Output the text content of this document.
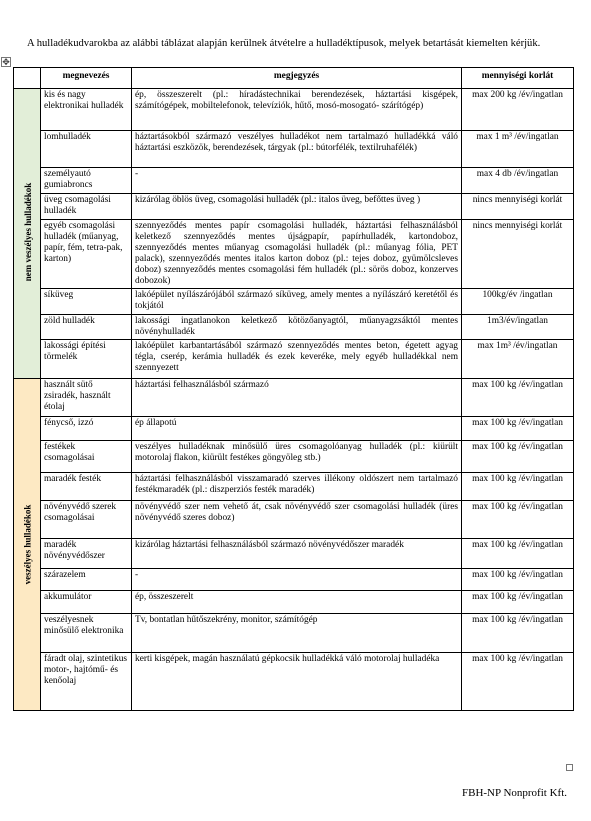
A hulladékudvarokba az alábbi táblázat alapján kerülnek átvételre a hulladéktípusok, melyek betartását kiemelten kérjük.
✥
	megnevezés	megjegyzés	mennyiségi korlát

nem veszélyes hulladékok	kis és nagy elektronikai hulladék	ép, összeszerelt (pl.: híradástechnikai berendezések, háztartási kisgépek, számítógépek, mobiltelefonok, televíziók, hűtő, mosó-mosogató- szárítógép)	max 200 kg /év/ingatlan
	lomhulladék	háztartásokból származó veszélyes hulladékot nem tartalmazó hulladékká váló háztartási eszközök, berendezések, tárgyak (pl.: bútorfélék, textilruhafélék)	max 1 m³ /év/ingatlan
	személyautó gumiabroncs	-	max 4 db /év/ingatlan
	üveg csomagolási hulladék	kizárólag öblös üveg, csomagolási hulladék (pl.: italos üveg, befőttes üveg )	nincs mennyiségi korlát
	egyéb csomagolási hulladék (műanyag, papír, fém, tetra-pak, karton)	szennyeződés mentes papír csomagolási hulladék, háztartási felhasználásból keletkező szennyeződés mentes újságpapír, papírhulladék, kartondoboz, szennyeződés mentes műanyag csomagolási hulladék (pl.: műanyag fólia, PET palack), szennyeződés mentes italos karton doboz (pl.: tejes doboz, gyümölcsleves doboz) szennyeződés mentes csomagolási fém hulladék (pl.: sörös doboz, konzerves dobozok)	nincs mennyiségi korlát
	síküveg	lakóépület nyílászárójából származó síküveg, amely mentes a nyílászáró keretétől és tokjától	100kg/év /ingatlan
	zöld hulladék	lakossági ingatlanokon keletkező kötözőanyagtól, műanyagzsáktól mentes növényhulladék	1m3/év/ingatlan
	lakossági építési törmelék	lakóépület karbantartásából származó szennyeződés mentes beton, égetett agyag tégla, cserép, kerámia hulladék és ezek keveréke, mely egyéb hulladékkal nem szennyezett	max 1m³ /év/ingatlan

veszélyes hulladékok	használt sütő zsiradék, használt étolaj	háztartási felhasználásból származó	max 100 kg /év/ingatlan
	fénycső, izzó	ép állapotú	max 100 kg /év/ingatlan
	festékek csomagolásai	veszélyes hulladéknak minősülő üres csomagolóanyag hulladék (pl.: kiürült motorolaj flakon, kiürült festékes göngyöleg stb.)	max 100 kg /év/ingatlan
	maradék festék	háztartási felhasználásból visszamaradó szerves illékony oldószert nem tartalmazó festékmaradék (pl.: diszperziós festék maradék)	max 100 kg /év/ingatlan
	növényvédő szerek csomagolásai	növényvédő szer nem vehető át, csak növényvédő szer csomagolási hulladék (üres növényvédő szeres doboz)	max 100 kg /év/ingatlan
	maradék növényvédőszer	kizárólag háztartási felhasználásból származó növényvédőszer maradék	max 100 kg /év/ingatlan
	szárazelem	-	max 100 kg /év/ingatlan
	akkumulátor	ép, összeszerelt	max 100 kg /év/ingatlan
	veszélyesnek minősülő elektronika	Tv, bontatlan hűtőszekrény, monitor, számítógép	max 100 kg /év/ingatlan
	fáradt olaj, szintetikus motor-, hajtómű- és kenőolaj	kerti kisgépek, magán használatú gépkocsik hulladékká váló motorolaj hulladéka	max 100 kg /év/ingatlan
FBH-NP Nonprofit Kft.
